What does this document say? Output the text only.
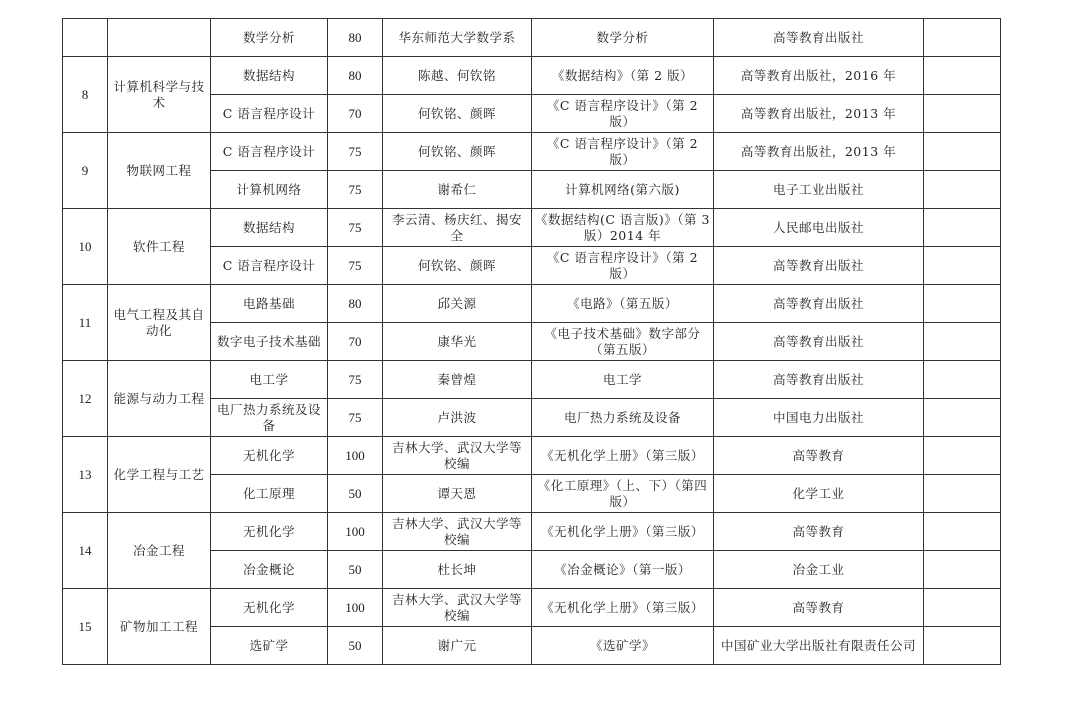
		数学分析	80	华东师范大学数学系	数学分析	高等教育出版社	
8	计算机科学与技术	数据结构	80	陈越、何钦铭	《数据结构》（第 2 版）	高等教育出版社，2016 年	
		C 语言程序设计	70	何钦铭、颜晖	《C 语言程序设计》（第 2 版）	高等教育出版社，2013 年	
9	物联网工程	C 语言程序设计	75	何钦铭、颜晖	《C 语言程序设计》（第 2 版）	高等教育出版社，2013 年	
		计算机网络	75	谢希仁	计算机网络(第六版)	电子工业出版社	
10	软件工程	数据结构	75	李云清、杨庆红、揭安全	《数据结构(C 语言版)》（第 3 版）2014 年	人民邮电出版社	
		C 语言程序设计	75	何钦铭、颜晖	《C 语言程序设计》（第 2 版）	高等教育出版社	
11	电气工程及其自动化	电路基础	80	邱关源	《电路》（第五版）	高等教育出版社	
		数字电子技术基础	70	康华光	《电子技术基础》数字部分（第五版）	高等教育出版社	
12	能源与动力工程	电工学	75	秦曾煌	电工学	高等教育出版社	
		电厂热力系统及设备	75	卢洪波	电厂热力系统及设备	中国电力出版社	
13	化学工程与工艺	无机化学	100	吉林大学、武汉大学等校编	《无机化学上册》（第三版）	高等教育	
		化工原理	50	谭天恩	《化工原理》（上、下）（第四版）	化学工业	
14	冶金工程	无机化学	100	吉林大学、武汉大学等校编	《无机化学上册》（第三版）	高等教育	
		冶金概论	50	杜长坤	《冶金概论》（第一版）	冶金工业	
15	矿物加工工程	无机化学	100	吉林大学、武汉大学等校编	《无机化学上册》（第三版）	高等教育	
		选矿学	50	谢广元	《选矿学》	中国矿业大学出版社有限责任公司	
